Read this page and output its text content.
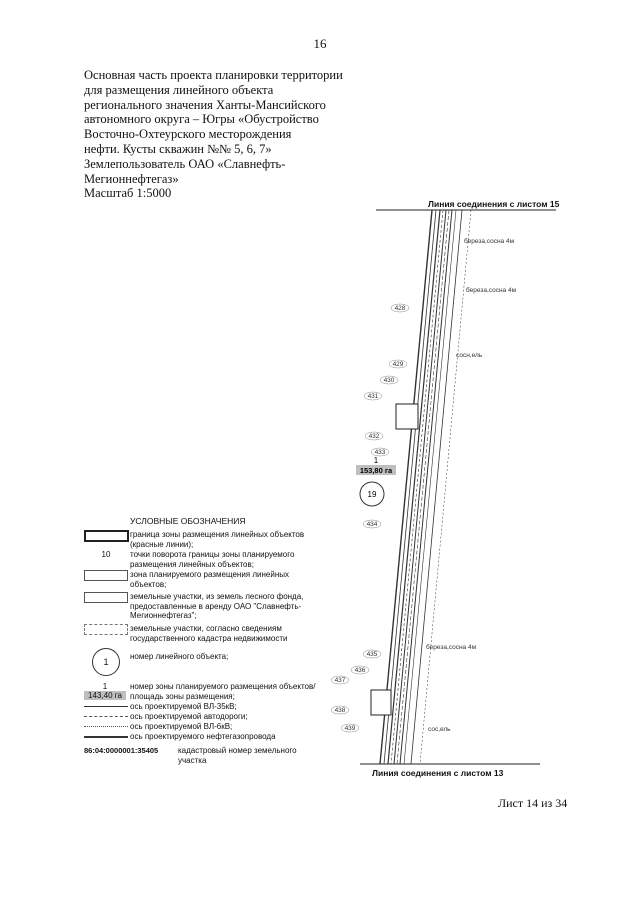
16
Основная часть проекта планировки территории
для размещения линейного объекта
регионального значения Ханты-Мансийского
автономного округа – Югры «Обустройство
Восточно-Охтеурского месторождения
нефти. Кусты скважин №№ 5, 6, 7»
Землепользователь ОАО «Славнефть-
Мегионнефтегаз»
Масштаб 1:5000
428
429
430
431
432
433
434
435
436
437
438
439
береза,сосна 4м
береза,сосна 4м
сосн,ель
береза,сосна 4м
сос,ель
19
1
153,80 га
Линия соединения с листом 15
Линия соединения с листом 13
УСЛОВНЫЕ ОБОЗНАЧЕНИЯ
граница зоны размещения линейных объектов (красные линии);
10	точки поворота границы зоны планируемого размещения линейных объектов;
зона планируемого размещения линейных объектов;
земельные участки, из земель лесного фонда, предоставленные в аренду ОАО "Славнефть-Мегионнефтегаз";
земельные участки, согласно сведениям государственного кадастра недвижимости
1
номер линейного объекта;
1
143,40 га
номер зоны планируемого размещения объектов/площадь зоны размещения;
ось проектируемой ВЛ-35кВ;
ось проектируемой автодороги;
ось проектируемой ВЛ-6кВ;
ось проектируемого нефтегазопровода
86:04:0000001:35405 кадастровый номер земельного участка
Лист 14 из 34
